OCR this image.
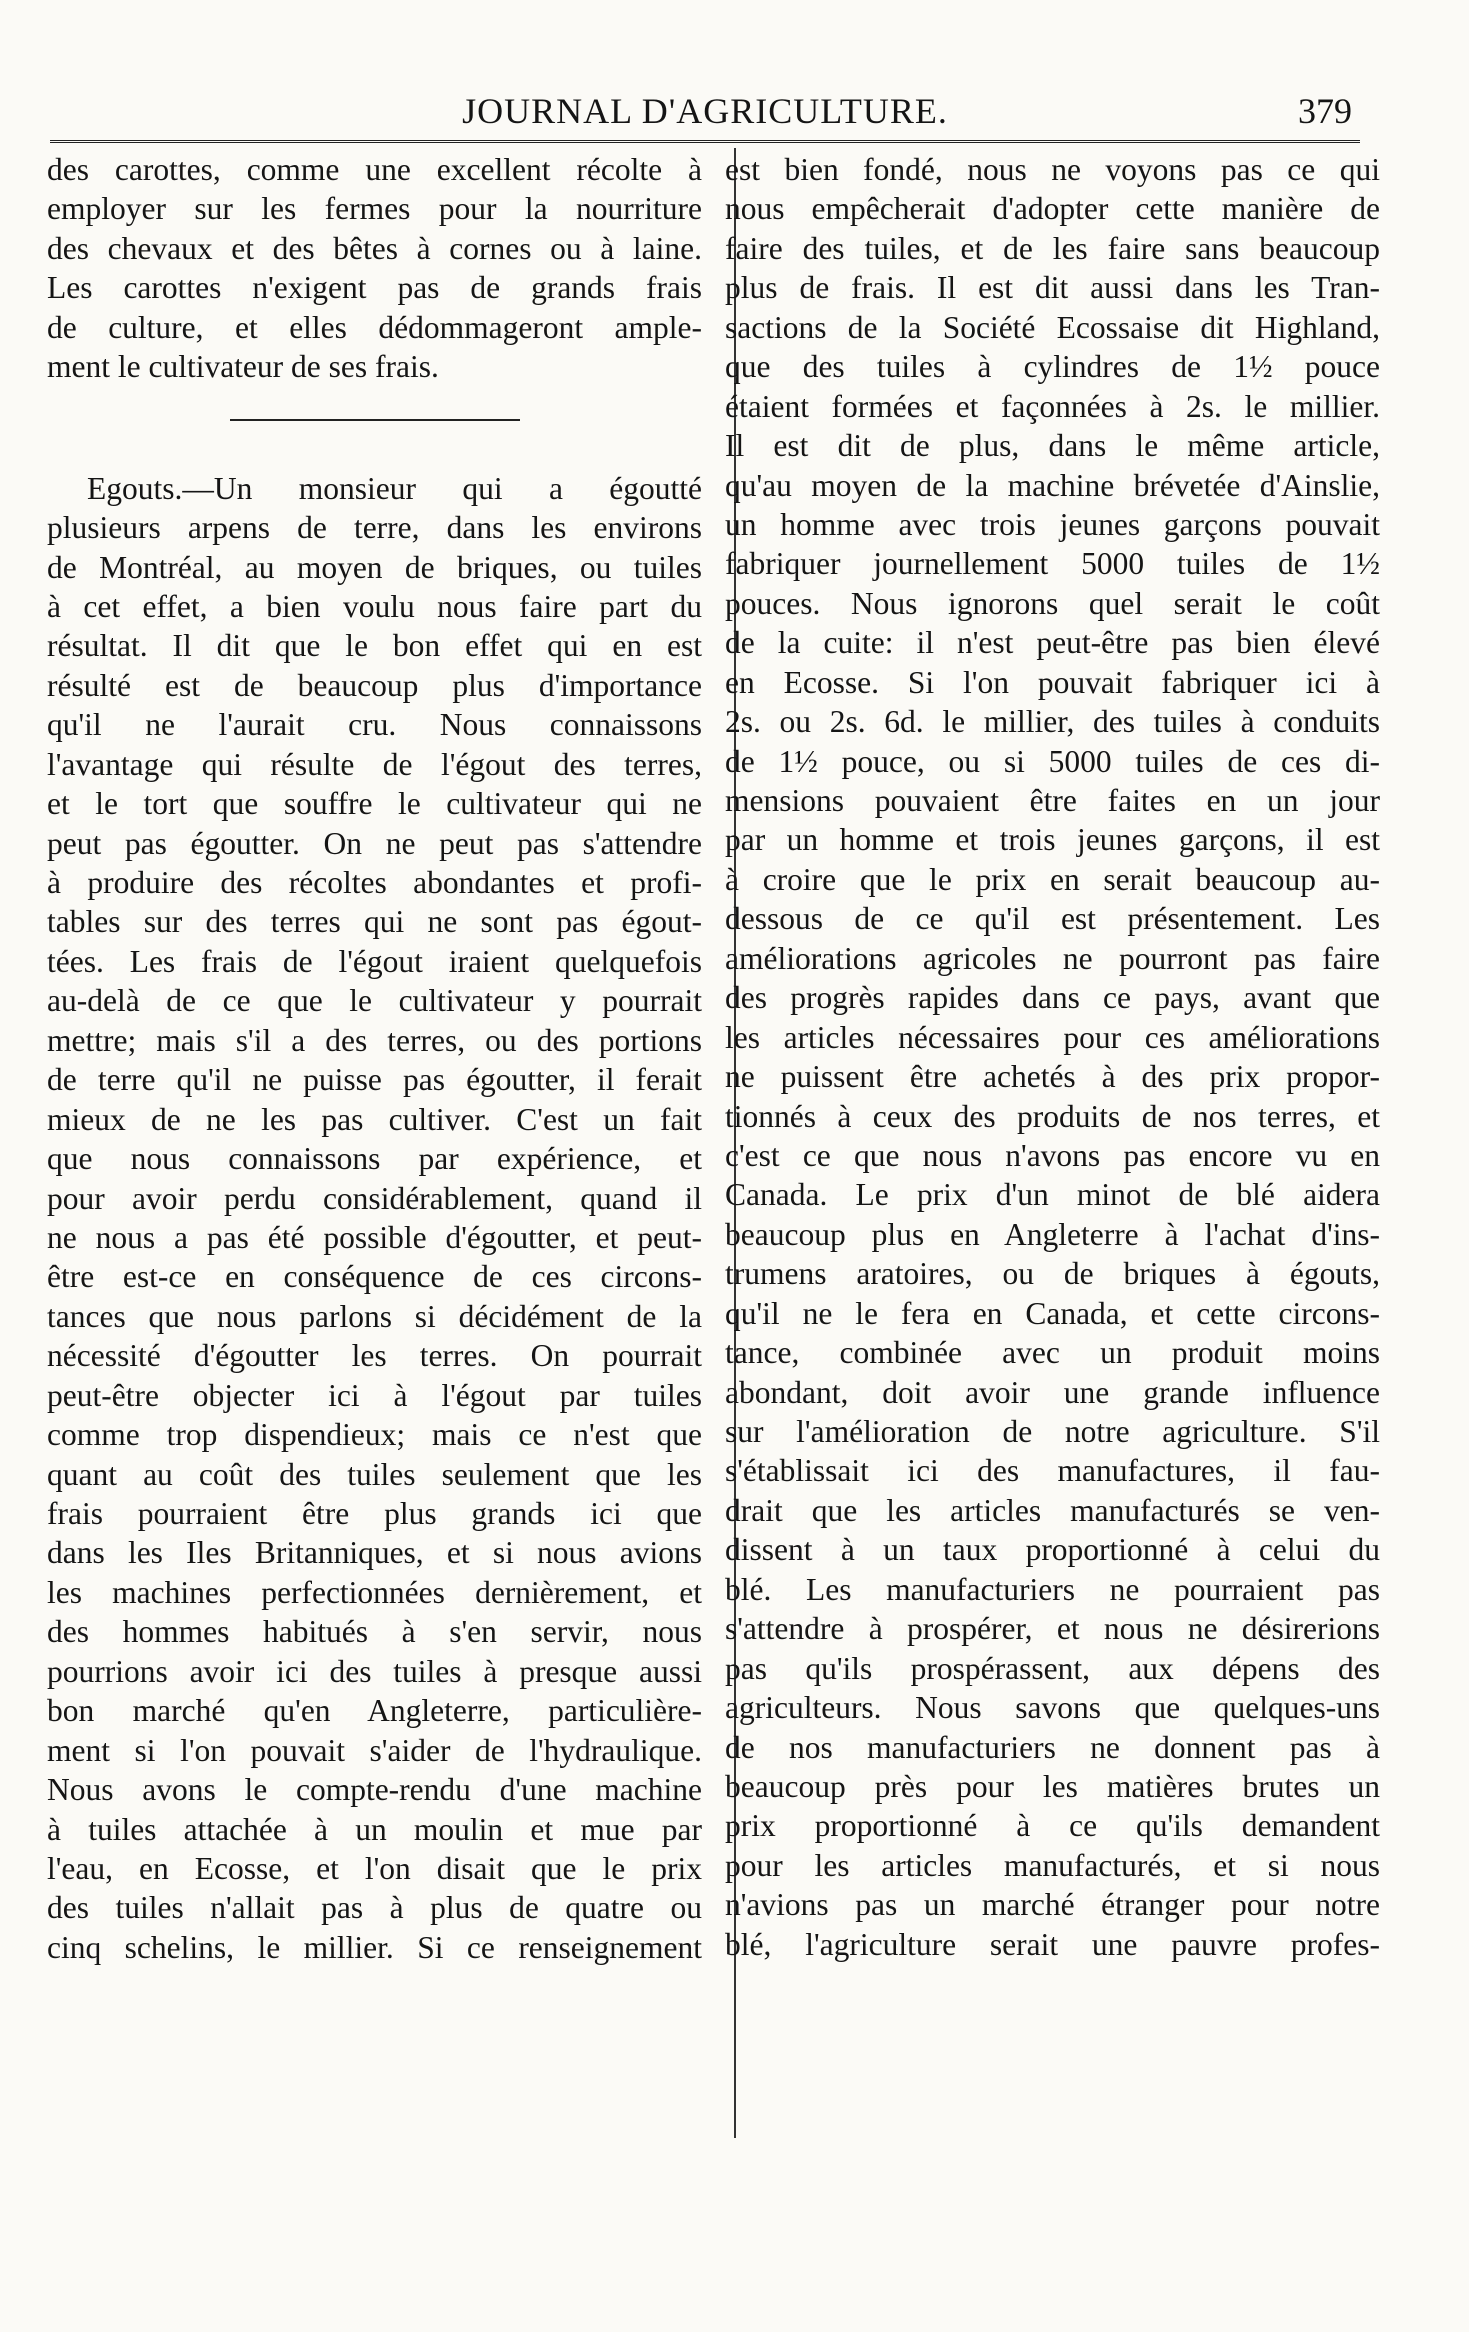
JOURNAL D'AGRICULTURE.	379
des carottes, comme une excellent récolte à
employer sur les fermes pour la nourriture
des chevaux et des bêtes à cornes ou à laine.
Les carottes n'exigent pas de grands frais
de culture, et elles dédommageront ample-
ment le cultivateur de ses frais.
Egouts.—Un monsieur qui a égoutté
plusieurs arpens de terre, dans les environs
de Montréal, au moyen de briques, ou tuiles
à cet effet, a bien voulu nous faire part du
résultat. Il dit que le bon effet qui en est
résulté est de beaucoup plus d'importance
qu'il ne l'aurait cru. Nous connaissons
l'avantage qui résulte de l'égout des terres,
et le tort que souffre le cultivateur qui ne
peut pas égoutter. On ne peut pas s'attendre
à produire des récoltes abondantes et profi-
tables sur des terres qui ne sont pas égout-
tées. Les frais de l'égout iraient quelquefois
au-delà de ce que le cultivateur y pourrait
mettre; mais s'il a des terres, ou des portions
de terre qu'il ne puisse pas égoutter, il ferait
mieux de ne les pas cultiver. C'est un fait
que nous connaissons par expérience, et
pour avoir perdu considérablement, quand il
ne nous a pas été possible d'égoutter, et peut-
être est-ce en conséquence de ces circons-
tances que nous parlons si décidément de la
nécessité d'égoutter les terres. On pourrait
peut-être objecter ici à l'égout par tuiles
comme trop dispendieux; mais ce n'est que
quant au coût des tuiles seulement que les
frais pourraient être plus grands ici que
dans les Iles Britanniques, et si nous avions
les machines perfectionnées dernièrement, et
des hommes habitués à s'en servir, nous
pourrions avoir ici des tuiles à presque aussi
bon marché qu'en Angleterre, particulière-
ment si l'on pouvait s'aider de l'hydraulique.
Nous avons le compte-rendu d'une machine
à tuiles attachée à un moulin et mue par
l'eau, en Ecosse, et l'on disait que le prix
des tuiles n'allait pas à plus de quatre ou
cinq schelins, le millier. Si ce renseignement
est bien fondé, nous ne voyons pas ce qui
nous empêcherait d'adopter cette manière de
faire des tuiles, et de les faire sans beaucoup
plus de frais. Il est dit aussi dans les Tran-
sactions de la Société Ecossaise dit Highland,
que des tuiles à cylindres de 1½ pouce
étaient formées et façonnées à 2s. le millier.
Il est dit de plus, dans le même article,
qu'au moyen de la machine brévetée d'Ainslie,
un homme avec trois jeunes garçons pouvait
fabriquer journellement 5000 tuiles de 1½
pouces. Nous ignorons quel serait le coût
de la cuite: il n'est peut-être pas bien élevé
en Ecosse. Si l'on pouvait fabriquer ici à
2s. ou 2s. 6d. le millier, des tuiles à conduits
de 1½ pouce, ou si 5000 tuiles de ces di-
mensions pouvaient être faites en un jour
par un homme et trois jeunes garçons, il est
à croire que le prix en serait beaucoup au-
dessous de ce qu'il est présentement. Les
améliorations agricoles ne pourront pas faire
des progrès rapides dans ce pays, avant que
les articles nécessaires pour ces améliorations
ne puissent être achetés à des prix propor-
tionnés à ceux des produits de nos terres, et
c'est ce que nous n'avons pas encore vu en
Canada. Le prix d'un minot de blé aidera
beaucoup plus en Angleterre à l'achat d'ins-
trumens aratoires, ou de briques à égouts,
qu'il ne le fera en Canada, et cette circons-
tance, combinée avec un produit moins
abondant, doit avoir une grande influence
sur l'amélioration de notre agriculture. S'il
s'établissait ici des manufactures, il fau-
drait que les articles manufacturés se ven-
dissent à un taux proportionné à celui du
blé. Les manufacturiers ne pourraient pas
s'attendre à prospérer, et nous ne désirerions
pas qu'ils prospérassent, aux dépens des
agriculteurs. Nous savons que quelques-uns
de nos manufacturiers ne donnent pas à
beaucoup près pour les matières brutes un
prix proportionné à ce qu'ils demandent
pour les articles manufacturés, et si nous
n'avions pas un marché étranger pour notre
blé, l'agriculture serait une pauvre profes-
